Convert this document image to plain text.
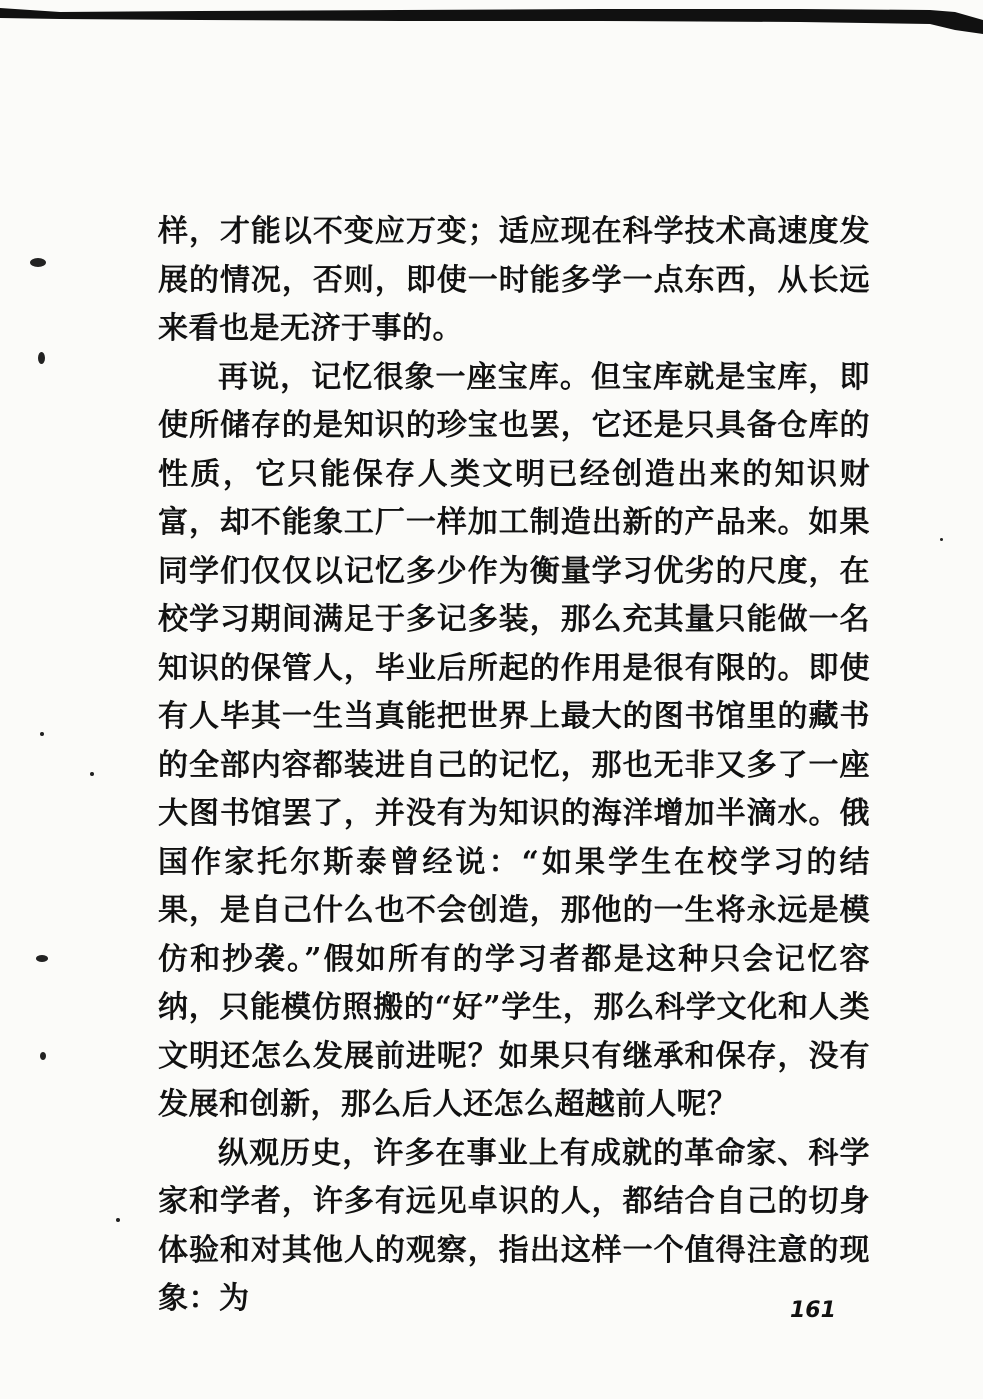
样，才能以不变应万变；适应现在科学技术高速度发展的情况，否则，即使一时能多学一点东西，从长远来看也是无济于事的。

再说，记忆很象一座宝库。但宝库就是宝库，即使所储存的是知识的珍宝也罢，它还是只具备仓库的性质，它只能保存人类文明已经创造出来的知识财富，却不能象工厂一样加工制造出新的产品来。如果同学们仅仅以记忆多少作为衡量学习优劣的尺度，在校学习期间满足于多记多装，那么充其量只能做一名知识的保管人，毕业后所起的作用是很有限的。即使有人毕其一生当真能把世界上最大的图书馆里的藏书的全部内容都装进自己的记忆，那也无非又多了一座大图书馆罢了，并没有为知识的海洋增加半滴水。俄国作家托尔斯泰曾经说：“如果学生在校学习的结果，是自己什么也不会创造，那他的一生将永远是模仿和抄袭。”假如所有的学习者都是这种只会记忆容纳，只能模仿照搬的“好”学生，那么科学文化和人类文明还怎么发展前进呢？如果只有继承和保存，没有发展和创新，那么后人还怎么超越前人呢？

纵观历史，许多在事业上有成就的革命家、科学家和学者，许多有远见卓识的人，都结合自己的切身体验和对其他人的观察，指出这样一个值得注意的现象：为	161
